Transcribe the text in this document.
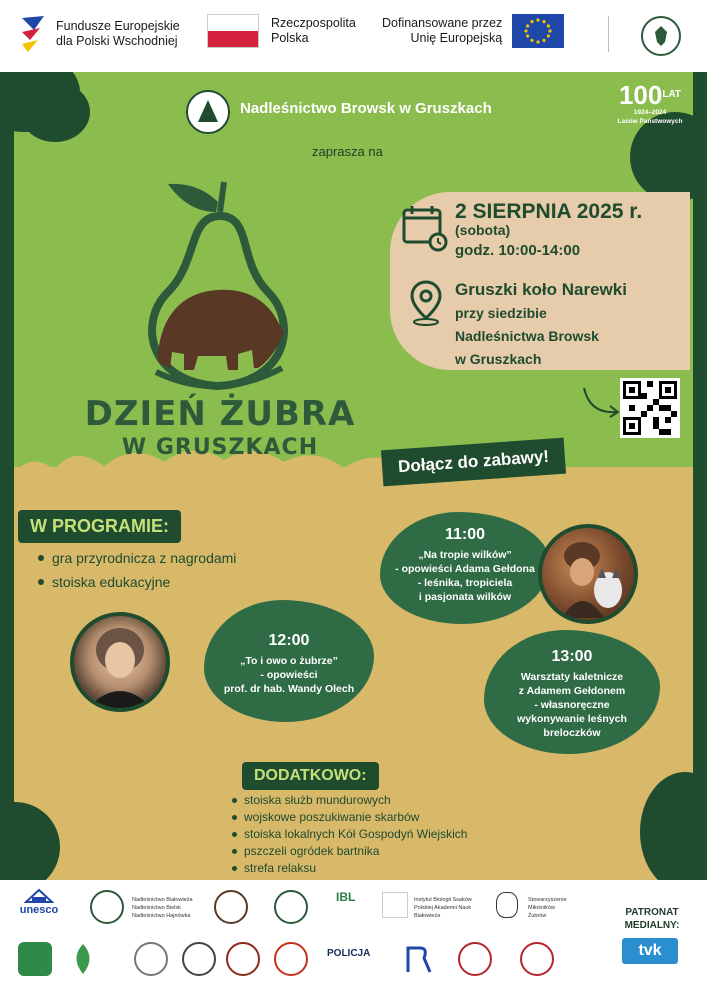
Fundusze Europejskie
dla Polski Wschodniej
Rzeczpospolita
Polska
Dofinansowane przez
Unię Europejską
Nadleśnictwo Browsk w Gruszkach	$100^{LAT}$
1924–2024
Lasów Państwowych
zaprasza na
DZIEŃ ŻUBRA
W GRUSZKACH
2 SIERPNIA 2025 r.
(sobota)
godz. 10:00-14:00
Gruszki koło Narewki
przy siedzibie
Nadleśnictwa Browsk
w Gruszkach
Dołącz do zabawy!
W PROGRAMIE:
gra przyrodnicza z nagrodami
stoiska edukacyjne
11:00
„Na tropie wilków”
- opowieści Adama Gełdona
- leśnika, tropiciela
i pasjonata wilków
12:00
„To i owo o żubrze”
- opowieści
prof. dr hab. Wandy Olech
13:00
Warsztaty kaletnicze
z Adamem Gełdonem
- własnoręczne
wykonywanie leśnych
breloczków
DODATKOWO:
stoiska służb mundurowych
wojskowe poszukiwanie skarbów
stoiska lokalnych Kół Gospodyń Wiejskich
pszczeli ogródek bartnika
strefa relaksu
unesco
Nadleśnictwo Białowieża
Nadleśnictwo Bielsk
Nadleśnictwo Hajnówka
IBL	Instytut Biologii Ssaków
Polskiej Akademii Nauk
Białowieża
Stowarzyszenie
Miłośników
Żubrów
POLICJA
PATRONAT MEDIALNY:
tvk
